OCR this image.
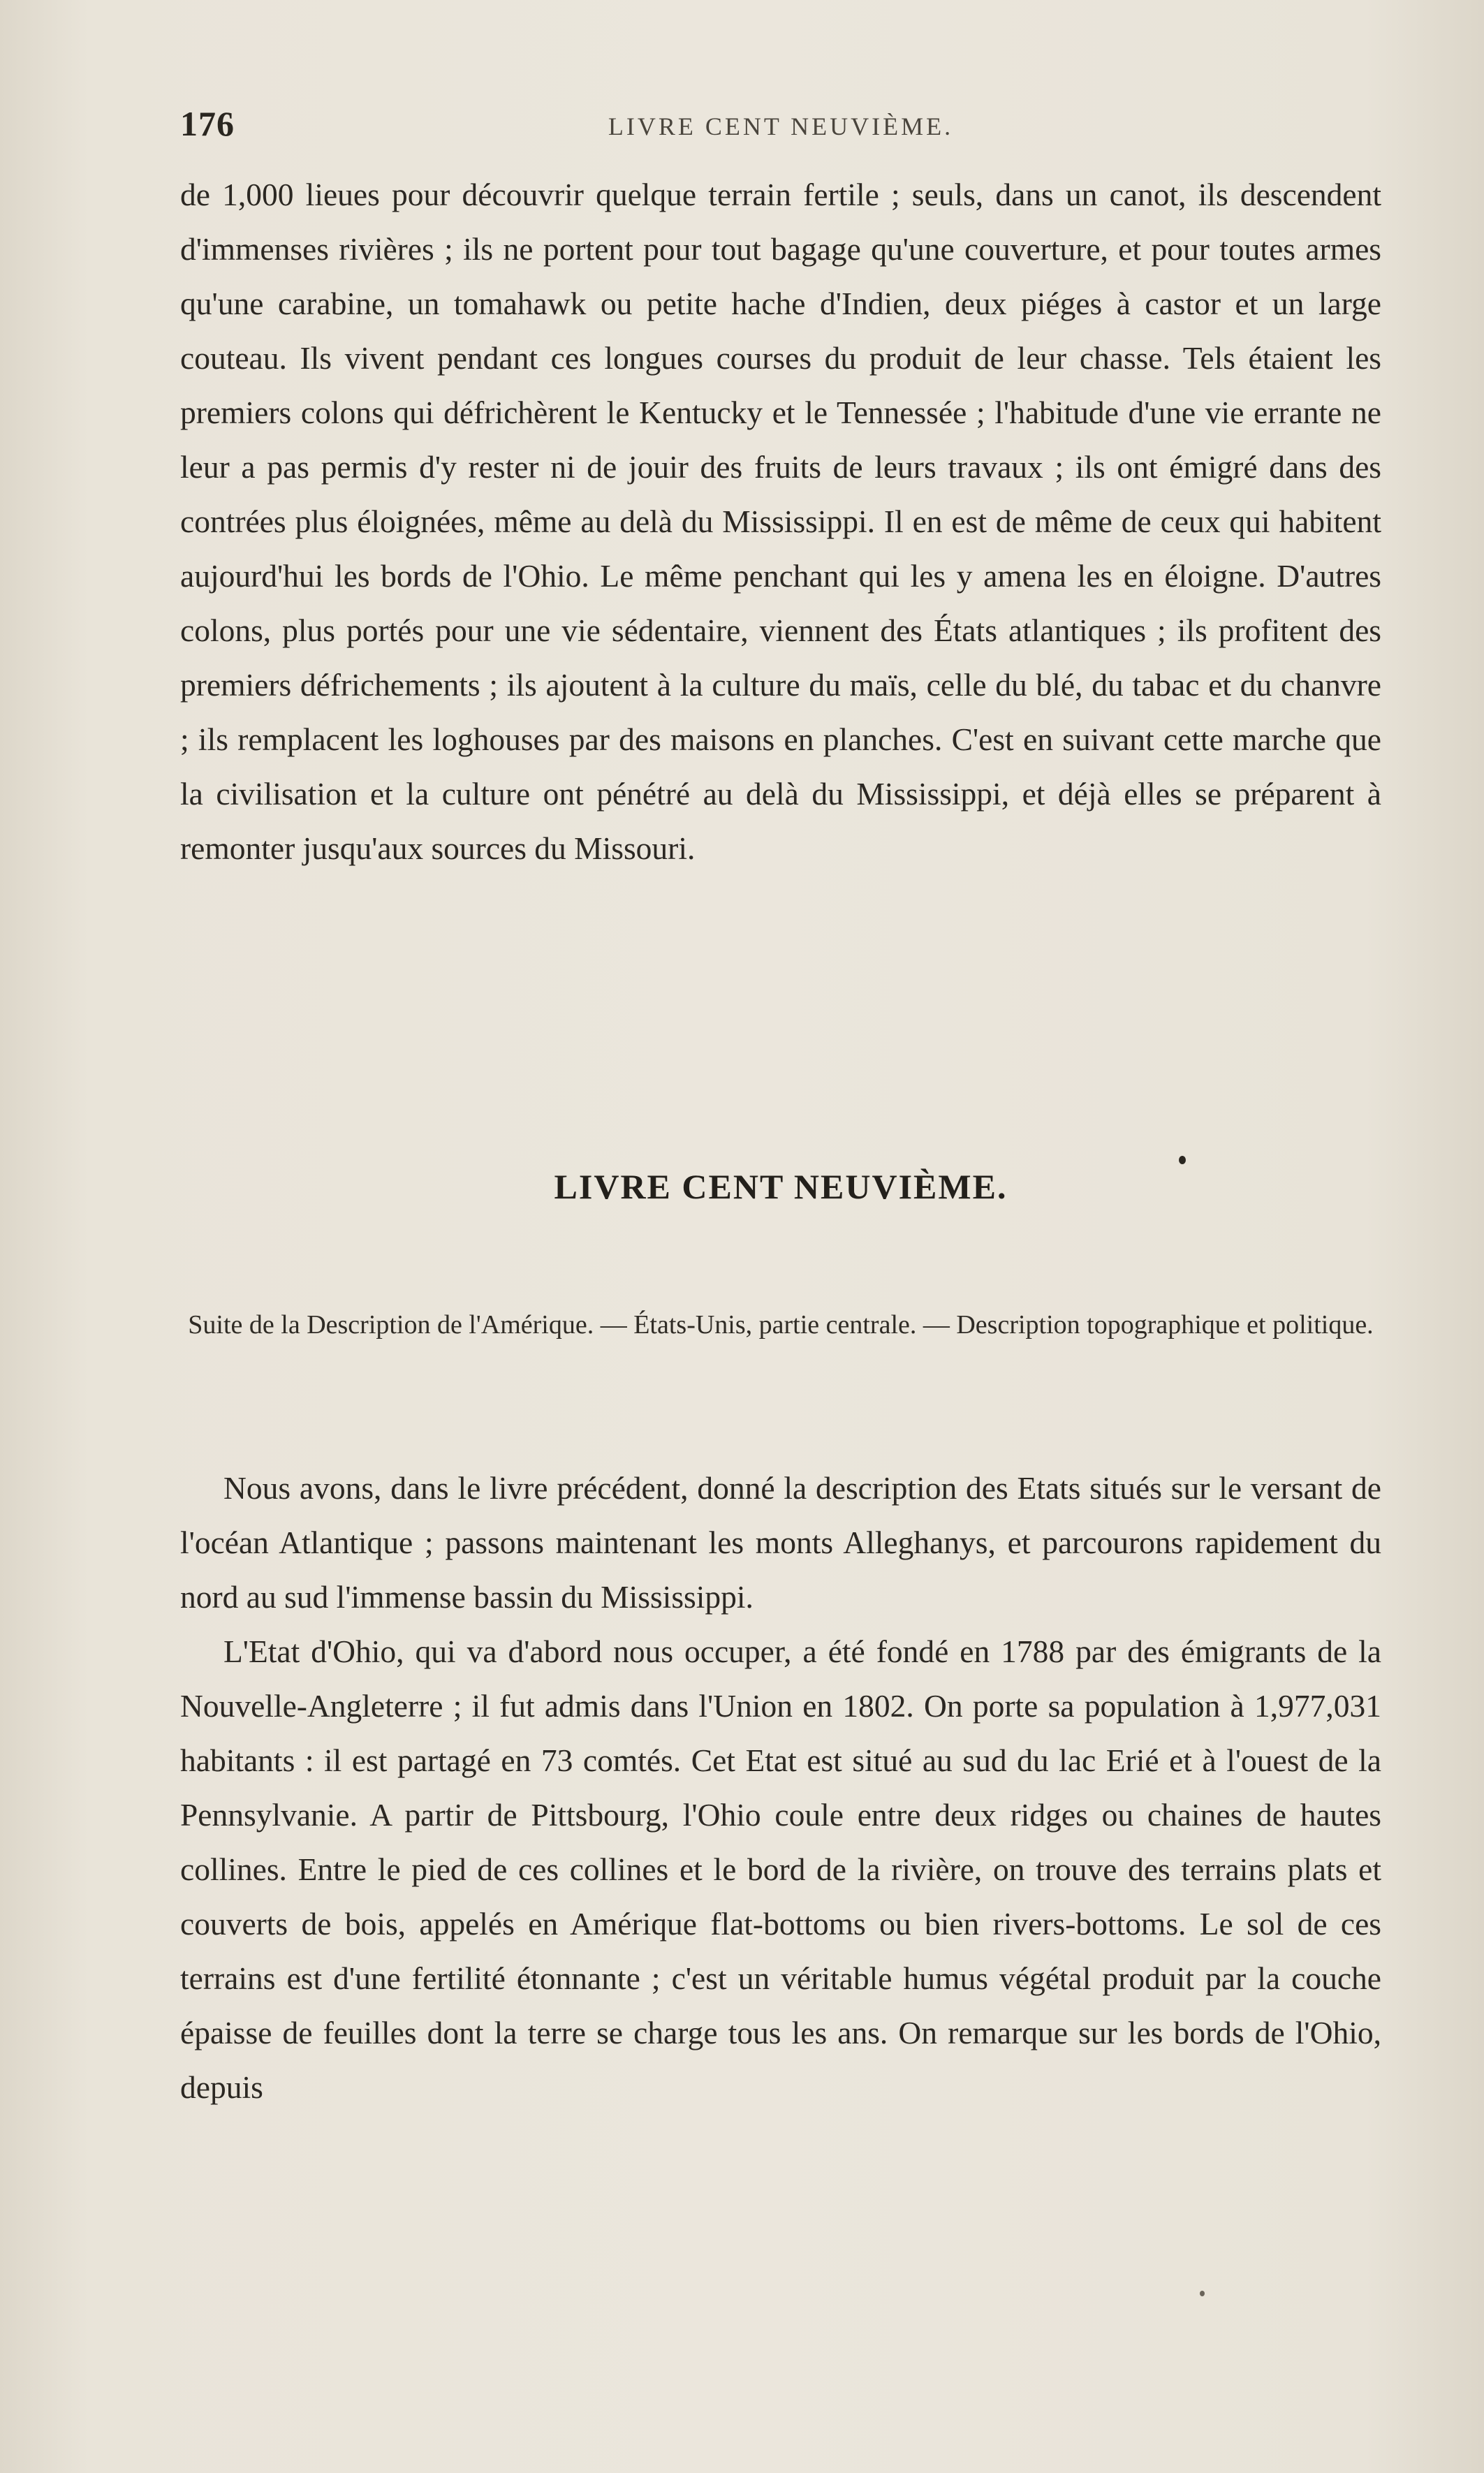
176	LIVRE CENT NEUVIÈME.

de 1,000 lieues pour découvrir quelque terrain fertile ; seuls, dans un canot, ils descendent d'immenses rivières ; ils ne portent pour tout bagage qu'une couverture, et pour toutes armes qu'une carabine, un tomahawk ou petite hache d'Indien, deux piéges à castor et un large couteau. Ils vivent pendant ces longues courses du produit de leur chasse. Tels étaient les premiers colons qui défrichèrent le Kentucky et le Tennessée ; l'habitude d'une vie errante ne leur a pas permis d'y rester ni de jouir des fruits de leurs travaux ; ils ont émigré dans des contrées plus éloignées, même au delà du Mississippi. Il en est de même de ceux qui habitent aujourd'hui les bords de l'Ohio. Le même penchant qui les y amena les en éloigne. D'autres colons, plus portés pour une vie sédentaire, viennent des États atlantiques ; ils profitent des premiers défrichements ; ils ajoutent à la culture du maïs, celle du blé, du tabac et du chanvre ; ils remplacent les loghouses par des maisons en planches. C'est en suivant cette marche que la civilisation et la culture ont pénétré au delà du Mississippi, et déjà elles se préparent à remonter jusqu'aux sources du Missouri.

LIVRE CENT NEUVIÈME.
Suite de la Description de l'Amérique. — États-Unis, partie centrale. — Description topographique et politique.

Nous avons, dans le livre précédent, donné la description des Etats situés sur le versant de l'océan Atlantique ; passons maintenant les monts Alleghanys, et parcourons rapidement du nord au sud l'immense bassin du Mississippi.

L'Etat d'Ohio, qui va d'abord nous occuper, a été fondé en 1788 par des émigrants de la Nouvelle-Angleterre ; il fut admis dans l'Union en 1802. On porte sa population à 1,977,031 habitants : il est partagé en 73 comtés. Cet Etat est situé au sud du lac Erié et à l'ouest de la Pennsylvanie. A partir de Pittsbourg, l'Ohio coule entre deux ridges ou chaines de hautes collines. Entre le pied de ces collines et le bord de la rivière, on trouve des terrains plats et couverts de bois, appelés en Amérique flat-bottoms ou bien rivers-bottoms. Le sol de ces terrains est d'une fertilité étonnante ; c'est un véritable humus végétal produit par la couche épaisse de feuilles dont la terre se charge tous les ans. On remarque sur les bords de l'Ohio, depuis
